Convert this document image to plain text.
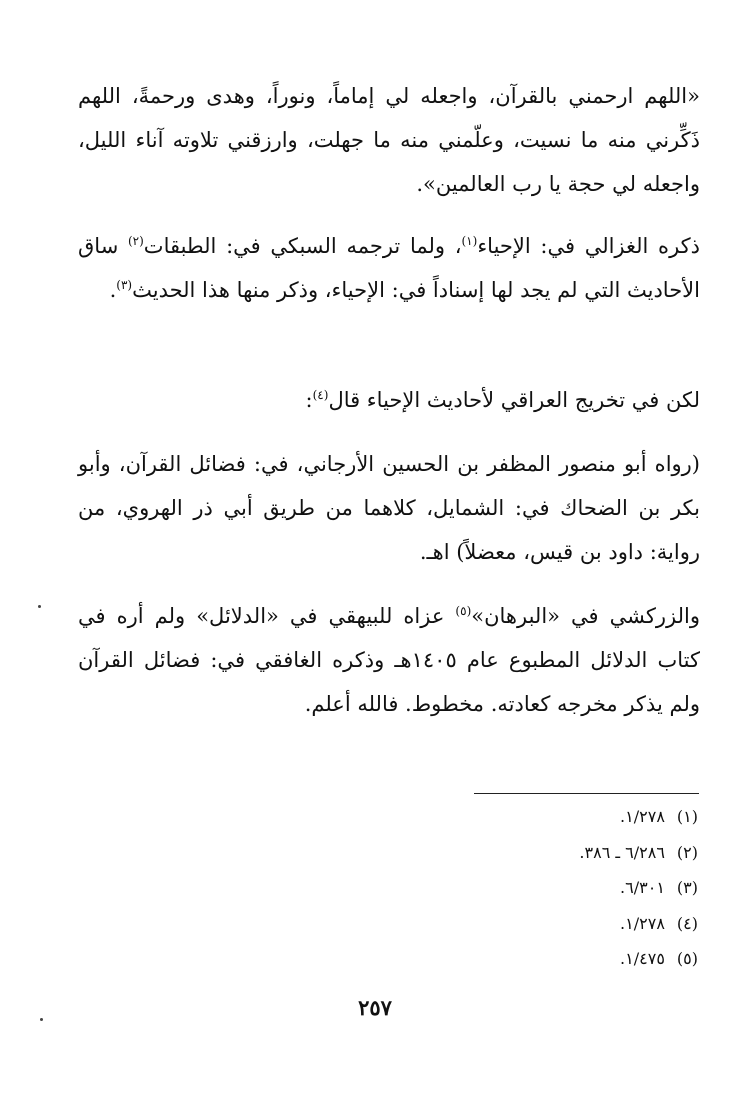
«اللهم ارحمني بالقرآن، واجعله لي إماماً، ونوراً، وهدى ورحمةً، اللهم ذَكِّرني منه ما نسيت، وعلّمني منه ما جهلت، وارزقني تلاوته آناء الليل، واجعله لي حجة يا رب العالمين».

ذكره الغزالي في: الإحياء$^{(١)}$، ولما ترجمه السبكي في: الطبقات$^{(٢)}$ ساق الأحاديث التي لم يجد لها إسناداً في: الإحياء، وذكر منها هذا الحديث$^{(٣)}$.

لكن في تخريج العراقي لأحاديث الإحياء قال$^{(٤)}$:

(رواه أبو منصور المظفر بن الحسين الأرجاني، في: فضائل القرآن، وأبو بكر بن الضحاك في: الشمايل، كلاهما من طريق أبي ذر الهروي، من رواية: داود بن قيس، معضلاً) اهـ.

والزركشي في «البرهان»$^{(٥)}$ عزاه للبيهقي في «الدلائل» ولم أره في كتاب الدلائل المطبوع عام ١٤٠٥هـ وذكره الغافقي في: فضائل القرآن ولم يذكر مخرجه كعادته. مخطوط. فالله أعلم.

(١)١/٢٧٨.
(٢)٦/٢٨٦ ـ ٣٨٦.
(٣)٦/٣٠١.
(٤)١/٢٧٨.
(٥)١/٤٧٥.
٢٥٧
